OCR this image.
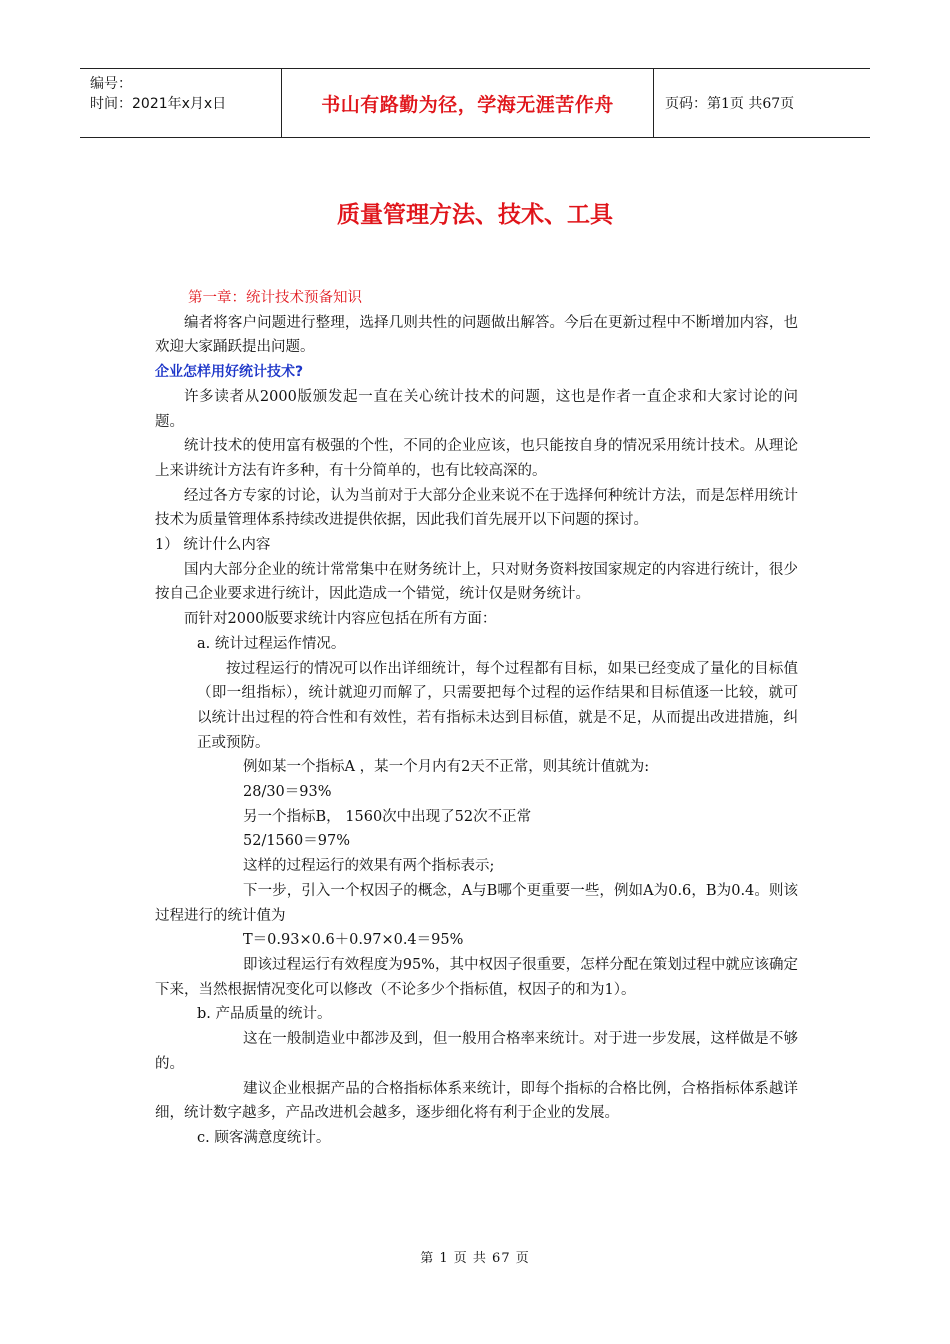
编号：
时间：2021年x月x日	书山有路勤为径，学海无涯苦作舟	页码：第1页 共67页
质量管理方法、技术、工具

第一章：统计技术预备知识

编者将客户问题进行整理，选择几则共性的问题做出解答。今后在更新过程中不断增加内容，也欢迎大家踊跃提出问题。

企业怎样用好统计技术?

许多读者从2000版颁发起一直在关心统计技术的问题，这也是作者一直企求和大家讨论的问题。

统计技术的使用富有极强的个性，不同的企业应该，也只能按自身的情况采用统计技术。从理论上来讲统计方法有许多种，有十分简单的，也有比较高深的。

经过各方专家的讨论，认为当前对于大部分企业来说不在于选择何种统计方法，而是怎样用统计技术为质量管理体系持续改进提供依据，因此我们首先展开以下问题的探讨。

1） 统计什么内容

国内大部分企业的统计常常集中在财务统计上，只对财务资料按国家规定的内容进行统计，很少按自己企业要求进行统计，因此造成一个错觉，统计仅是财务统计。

而针对2000版要求统计内容应包括在所有方面：

a. 统计过程运作情况。

按过程运行的情况可以作出详细统计，每个过程都有目标，如果已经变成了量化的目标值（即一组指标），统计就迎刃而解了，只需要把每个过程的运作结果和目标值逐一比较，就可以统计出过程的符合性和有效性，若有指标未达到目标值，就是不足，从而提出改进措施，纠正或预防。

例如某一个指标A ，某一个月内有2天不正常，则其统计值就为:

28/30＝93%

另一个指标B， 1560次中出现了52次不正常

52/1560＝97%

这样的过程运行的效果有两个指标表示;

下一步，引入一个权因子的概念，A与B哪个更重要一些，例如A为0.6，B为0.4。则该过程进行的统计值为

T＝0.93×0.6＋0.97×0.4＝95%

即该过程运行有效程度为95%，其中权因子很重要，怎样分配在策划过程中就应该确定下来，当然根据情况变化可以修改（不论多少个指标值，权因子的和为1）。

b. 产品质量的统计。

这在一般制造业中都涉及到，但一般用合格率来统计。对于进一步发展，这样做是不够的。

建议企业根据产品的合格指标体系来统计，即每个指标的合格比例，合格指标体系越详细，统计数字越多，产品改进机会越多，逐步细化将有利于企业的发展。

c. 顾客满意度统计。

第 1 页 共 67 页
